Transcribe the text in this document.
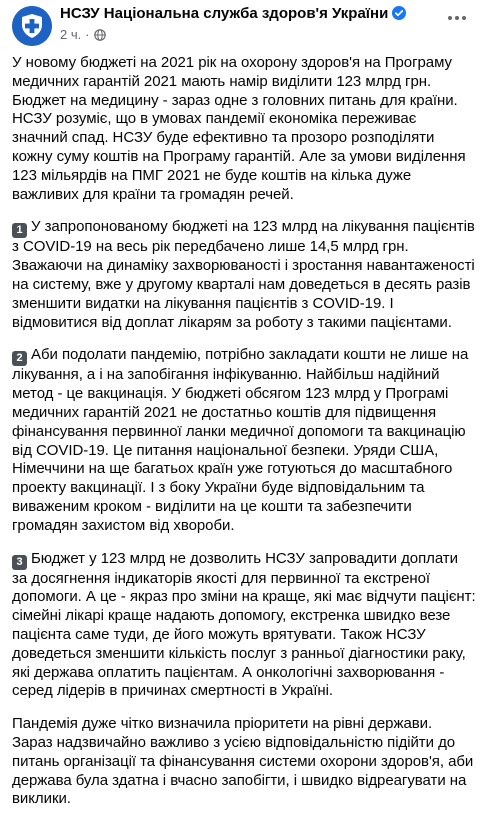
НСЗУ Національна служба здоров'я України
2 ч. ·

У новому бюджеті на 2021 рік на охорону здоров'я на Програму медичних гарантій 2021 мають намір виділити 123 млрд грн. Бюджет на медицину - зараз одне з головних питань для країни. НСЗУ розуміє, що в умовах пандемії економіка переживає значний спад. НСЗУ буде ефективно та прозоро розподіляти кожну суму коштів на Програму гарантій. Але за умови виділення 123 мільярдів на ПМГ 2021 не буде коштів на кілька дуже важливих для країни та громадян речей.

1 У запропонованому бюджеті на 123 млрд на лікування пацієнтів з COVID-19 на весь рік передбачено лише 14,5 млрд грн. Зважаючи на динаміку захворюваності і зростання навантаженості на систему, вже у другому кварталі нам доведеться в десять разів зменшити видатки на лікування пацієнтів з COVID-19. І відмовитися від доплат лікарям за роботу з такими пацієнтами.

2 Аби подолати пандемію, потрібно закладати кошти не лише на лікування, а і на запобігання інфікуванню. Найбільш надійний метод - це вакцинація. У бюджеті обсягом 123 млрд у Програмі медичних гарантій 2021 не достатньо коштів для підвищення фінансування первинної ланки медичної допомоги та вакцинацію від COVID-19. Це питання національної безпеки. Уряди США, Німеччини на ще багатьох країн уже готуються до масштабного проекту вакцинації. І з боку України буде відповідальним та виваженим кроком - виділити на це кошти та забезпечити громадян захистом від хвороби.

3 Бюджет у 123 млрд не дозволить НСЗУ запровадити доплати за досягнення індикаторів якості для первинної та екстреної допомоги. А це - якраз про зміни на краще, які має відчути пацієнт: сімейні лікарі краще надають допомогу, екстренка швидко везе пацієнта саме туди, де його можуть врятувати. Також НСЗУ доведеться зменшити кількість послуг з ранньої діагностики раку, які держава оплатить пацієнтам. А онкологічні захворювання - серед лідерів в причинах смертності в Україні.

Пандемія дуже чітко визначила пріоритети на рівні держави. Зараз надзвичайно важливо з усією відповідальністю підійти до питань організації та фінансування системи охорони здоров'я, аби держава була здатна і вчасно запобігти, і швидко відреагувати на виклики.
